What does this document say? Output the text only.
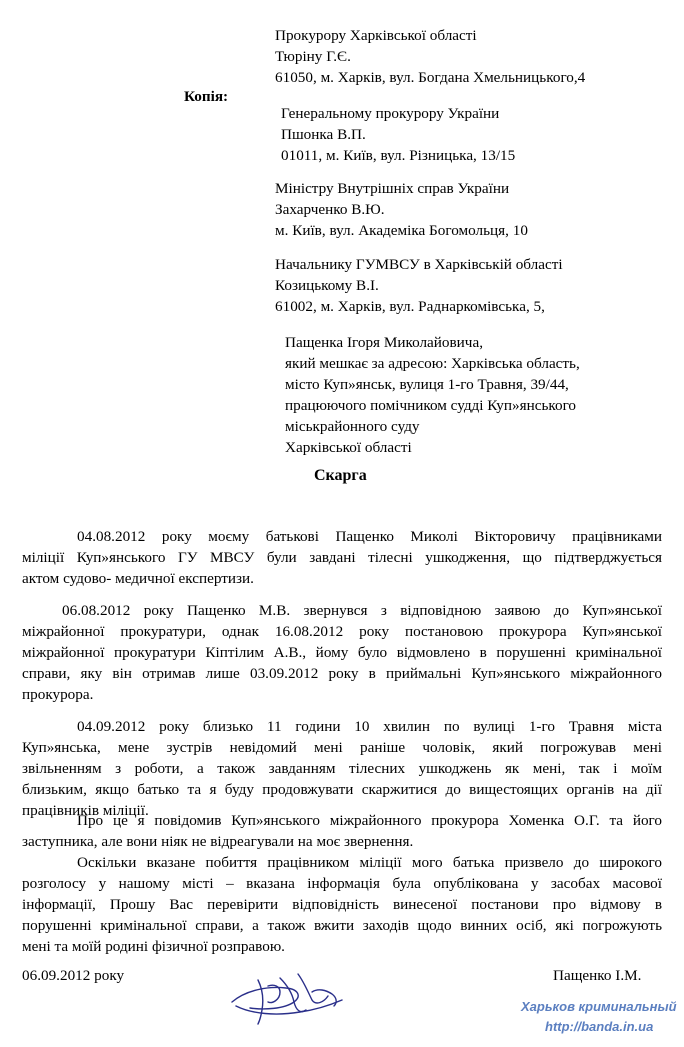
Прокурору Харківської області
Тюріну Г.Є.
61050, м. Харків, вул. Богдана Хмельницького,4
Копія:
Генеральному прокурору України
Пшонка В.П.
01011, м. Київ, вул. Різницька, 13/15
Міністру Внутрішніх справ України
Захарченко В.Ю.
м. Київ, вул. Академіка Богомольця, 10
Начальнику ГУМВСУ в Харківській області
Козицькому В.І.
61002, м. Харків, вул. Раднаркомівська, 5,
Пащенка Ігоря Миколайовича,
який мешкає за адресою: Харківська область,
місто Куп»янськ, вулиця 1-го Травня, 39/44,
працюючого помічником судді Куп»янського
міськрайонного суду
Харківської області
Скарга
04.08.2012 року моєму батькові Пащенко Миколі Вікторовичу працівниками
міліції Куп»янського ГУ МВСУ були завдані тілесні ушкодження, що підтверджується
актом судово- медичної експертизи.
06.08.2012 року Пащенко М.В. звернувся з відповідною заявою до Куп»янської
міжрайонної прокуратури, однак 16.08.2012 року постановою прокурора Куп»янської
міжрайонної прокуратури Кіптілим А.В., йому було відмовлено в порушенні кримінальної
справи, яку він отримав лише 03.09.2012 року в приймальні Куп»янського міжрайонного
прокурора.
04.09.2012 року близько 11 години 10 хвилин по вулиці 1-го Травня міста
Куп»янська, мене зустрів невідомий мені раніше чоловік, який погрожував мені
звільненням з роботи, а також завданням тілесних ушкоджень як мені, так і моїм
близьким, якщо батько та я буду продовжувати скаржитися до вищестоящих органів на дії
працівників міліції.
Про це я повідомив Куп»янського міжрайонного прокурора Хоменка О.Г. та його
заступника, але вони ніяк не відреагували на моє звернення.
Оскільки вказане побиття працівником міліції мого батька призвело до широкого
розголосу у нашому місті – вказана інформація була опублікована у засобах масової
інформації, Прошу Вас перевірити відповідність винесеної постанови про відмову в
порушенні кримінальної справи, а також вжити заходів щодо винних осіб, які погрожують
мені та моїй родині фізичної розправою.
06.09.2012 року	Пащенко І.М.
Харьков криминальный
http://banda.in.ua
